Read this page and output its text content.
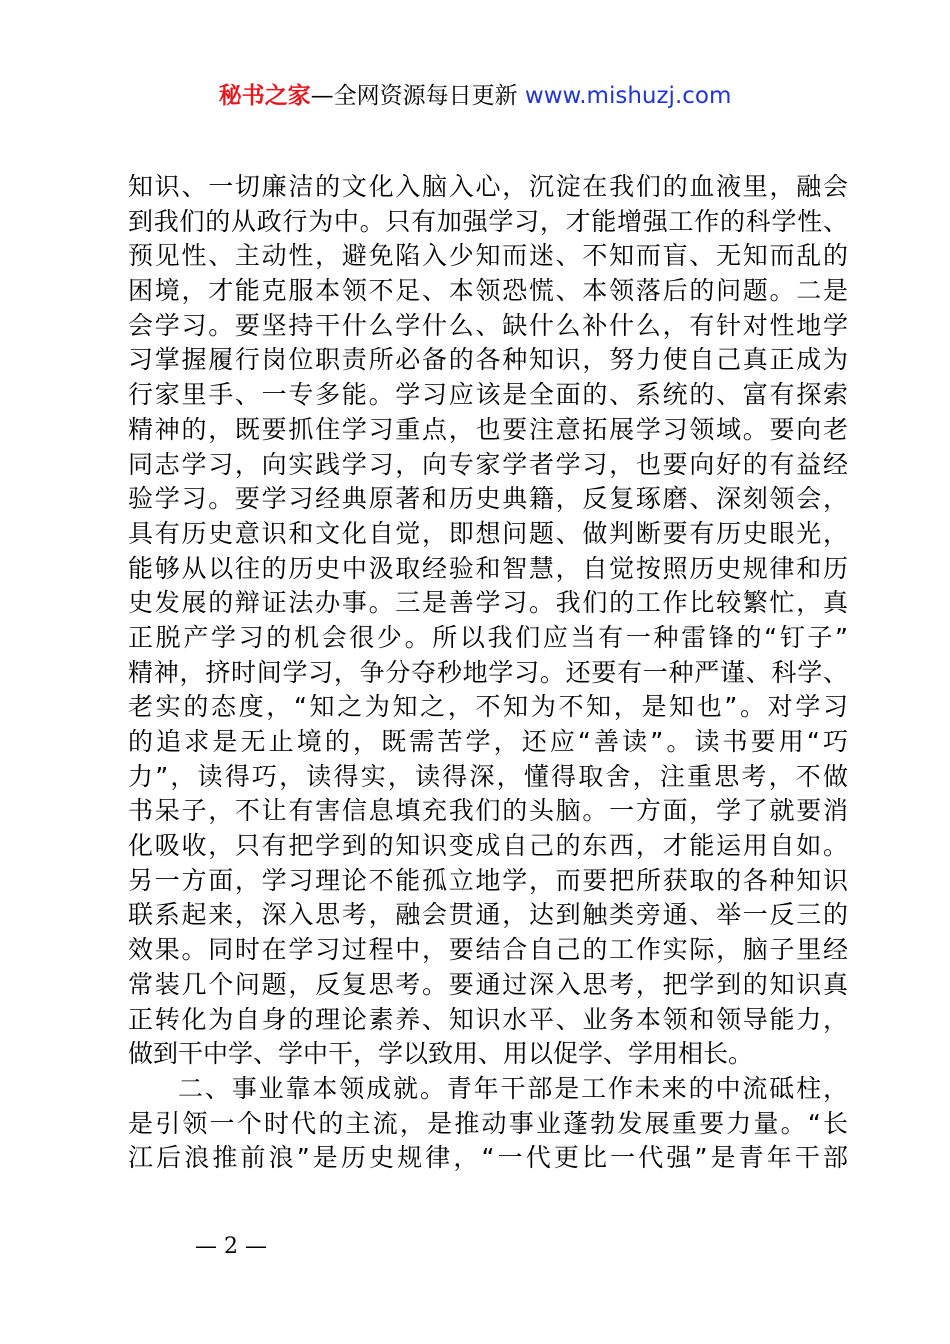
秘书之家—全网资源每日更新 www.mishuzj.com
知识、一切廉洁的文化入脑入心，沉淀在我们的血液里，融会
到我们的从政行为中。只有加强学习，才能增强工作的科学性、
预见性、主动性，避免陷入少知而迷、不知而盲、无知而乱的
困境，才能克服本领不足、本领恐慌、本领落后的问题。二是
会学习。要坚持干什么学什么、缺什么补什么，有针对性地学
习掌握履行岗位职责所必备的各种知识，努力使自己真正成为
行家里手、一专多能。学习应该是全面的、系统的、富有探索
精神的，既要抓住学习重点，也要注意拓展学习领域。要向老
同志学习，向实践学习，向专家学者学习，也要向好的有益经
验学习。要学习经典原著和历史典籍，反复琢磨、深刻领会，
具有历史意识和文化自觉，即想问题、做判断要有历史眼光，
能够从以往的历史中汲取经验和智慧，自觉按照历史规律和历
史发展的辩证法办事。三是善学习。我们的工作比较繁忙，真
正脱产学习的机会很少。所以我们应当有一种雷锋的“钉子”
精神，挤时间学习，争分夺秒地学习。还要有一种严谨、科学、
老实的态度，“知之为知之，不知为不知，是知也”。对学习
的追求是无止境的，既需苦学，还应“善读”。读书要用“巧
力”，读得巧，读得实，读得深，懂得取舍，注重思考，不做
书呆子，不让有害信息填充我们的头脑。一方面，学了就要消
化吸收，只有把学到的知识变成自己的东西，才能运用自如。
另一方面，学习理论不能孤立地学，而要把所获取的各种知识
联系起来，深入思考，融会贯通，达到触类旁通、举一反三的
效果。同时在学习过程中，要结合自己的工作实际，脑子里经
常装几个问题，反复思考。要通过深入思考，把学到的知识真
正转化为自身的理论素养、知识水平、业务本领和领导能力，
做到干中学、学中干，学以致用、用以促学、学用相长。
二、事业靠本领成就。青年干部是工作未来的中流砥柱，
是引领一个时代的主流，是推动事业蓬勃发展重要力量。“长
江后浪推前浪”是历史规律，“一代更比一代强”是青年干部
— 2 —
